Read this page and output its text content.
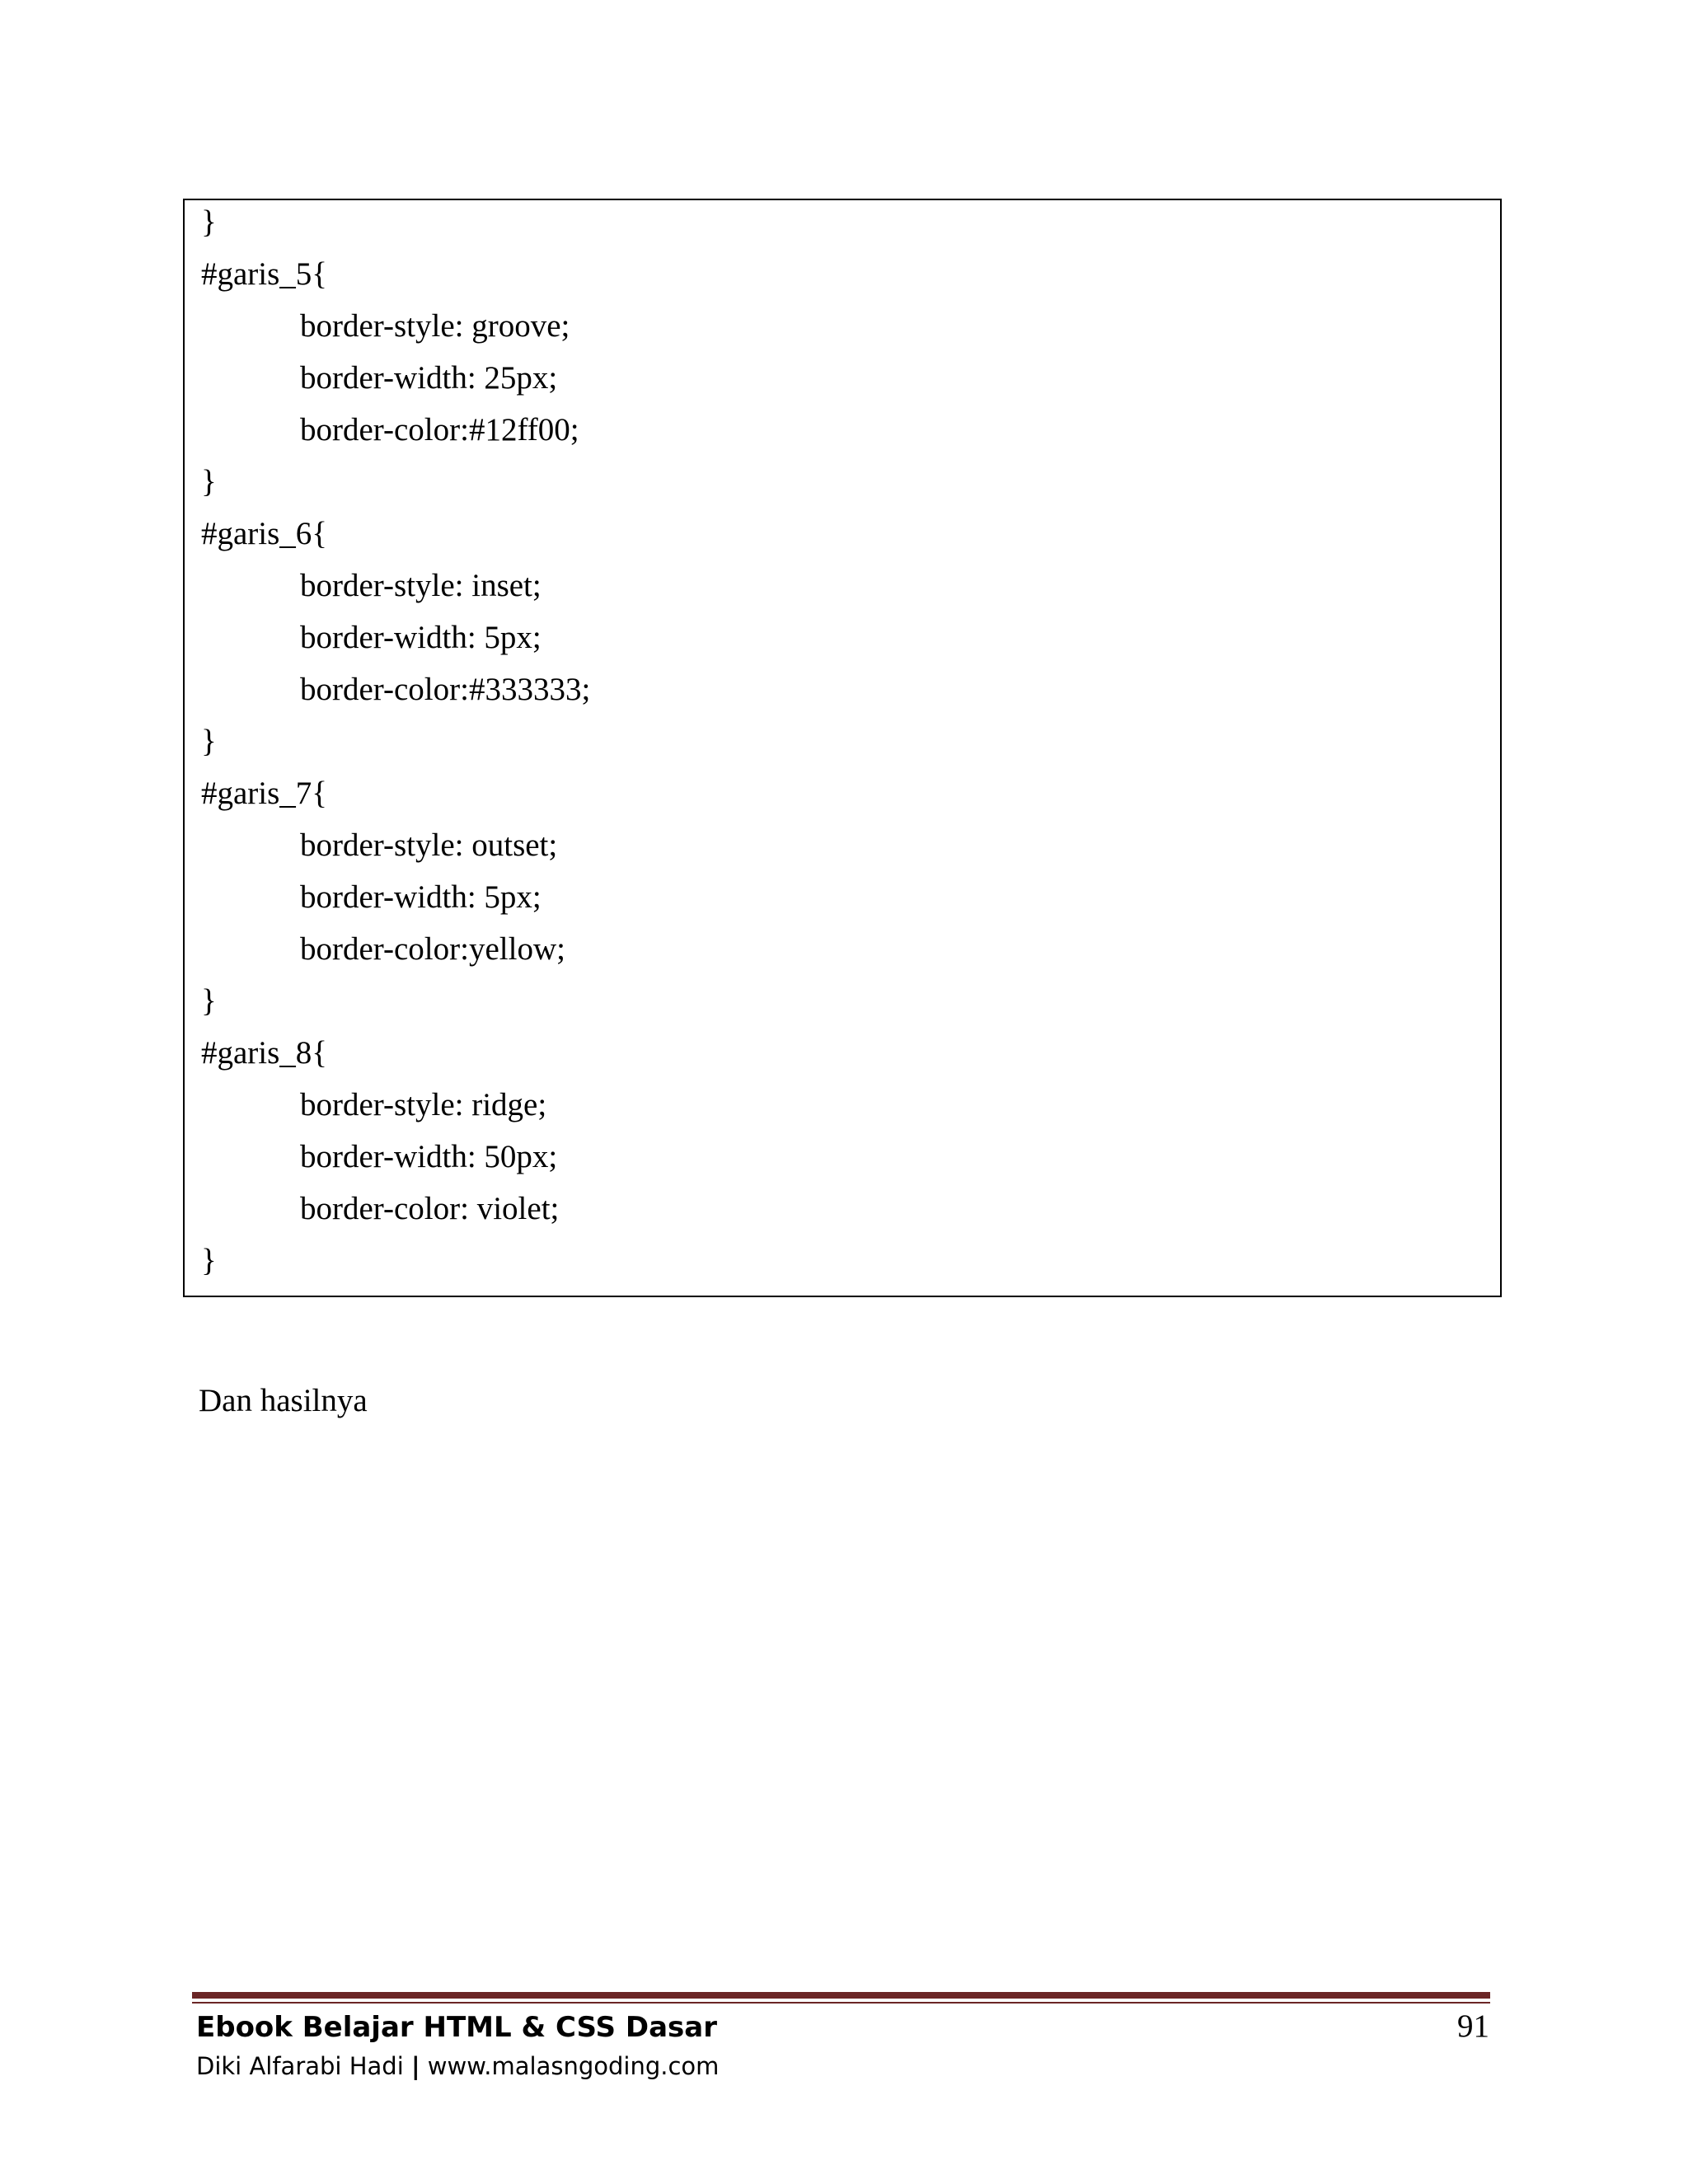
}
#garis_5{
border-style: groove;
border-width: 25px;
border-color:#12ff00;
}
#garis_6{
border-style: inset;
border-width: 5px;
border-color:#333333;
}
#garis_7{
border-style: outset;
border-width: 5px;
border-color:yellow;
}
#garis_8{
border-style: ridge;
border-width: 50px;
border-color: violet;
}
Dan hasilnya
Ebook Belajar HTML & CSS Dasar
Diki Alfarabi Hadi | www.malasngoding.com
91
